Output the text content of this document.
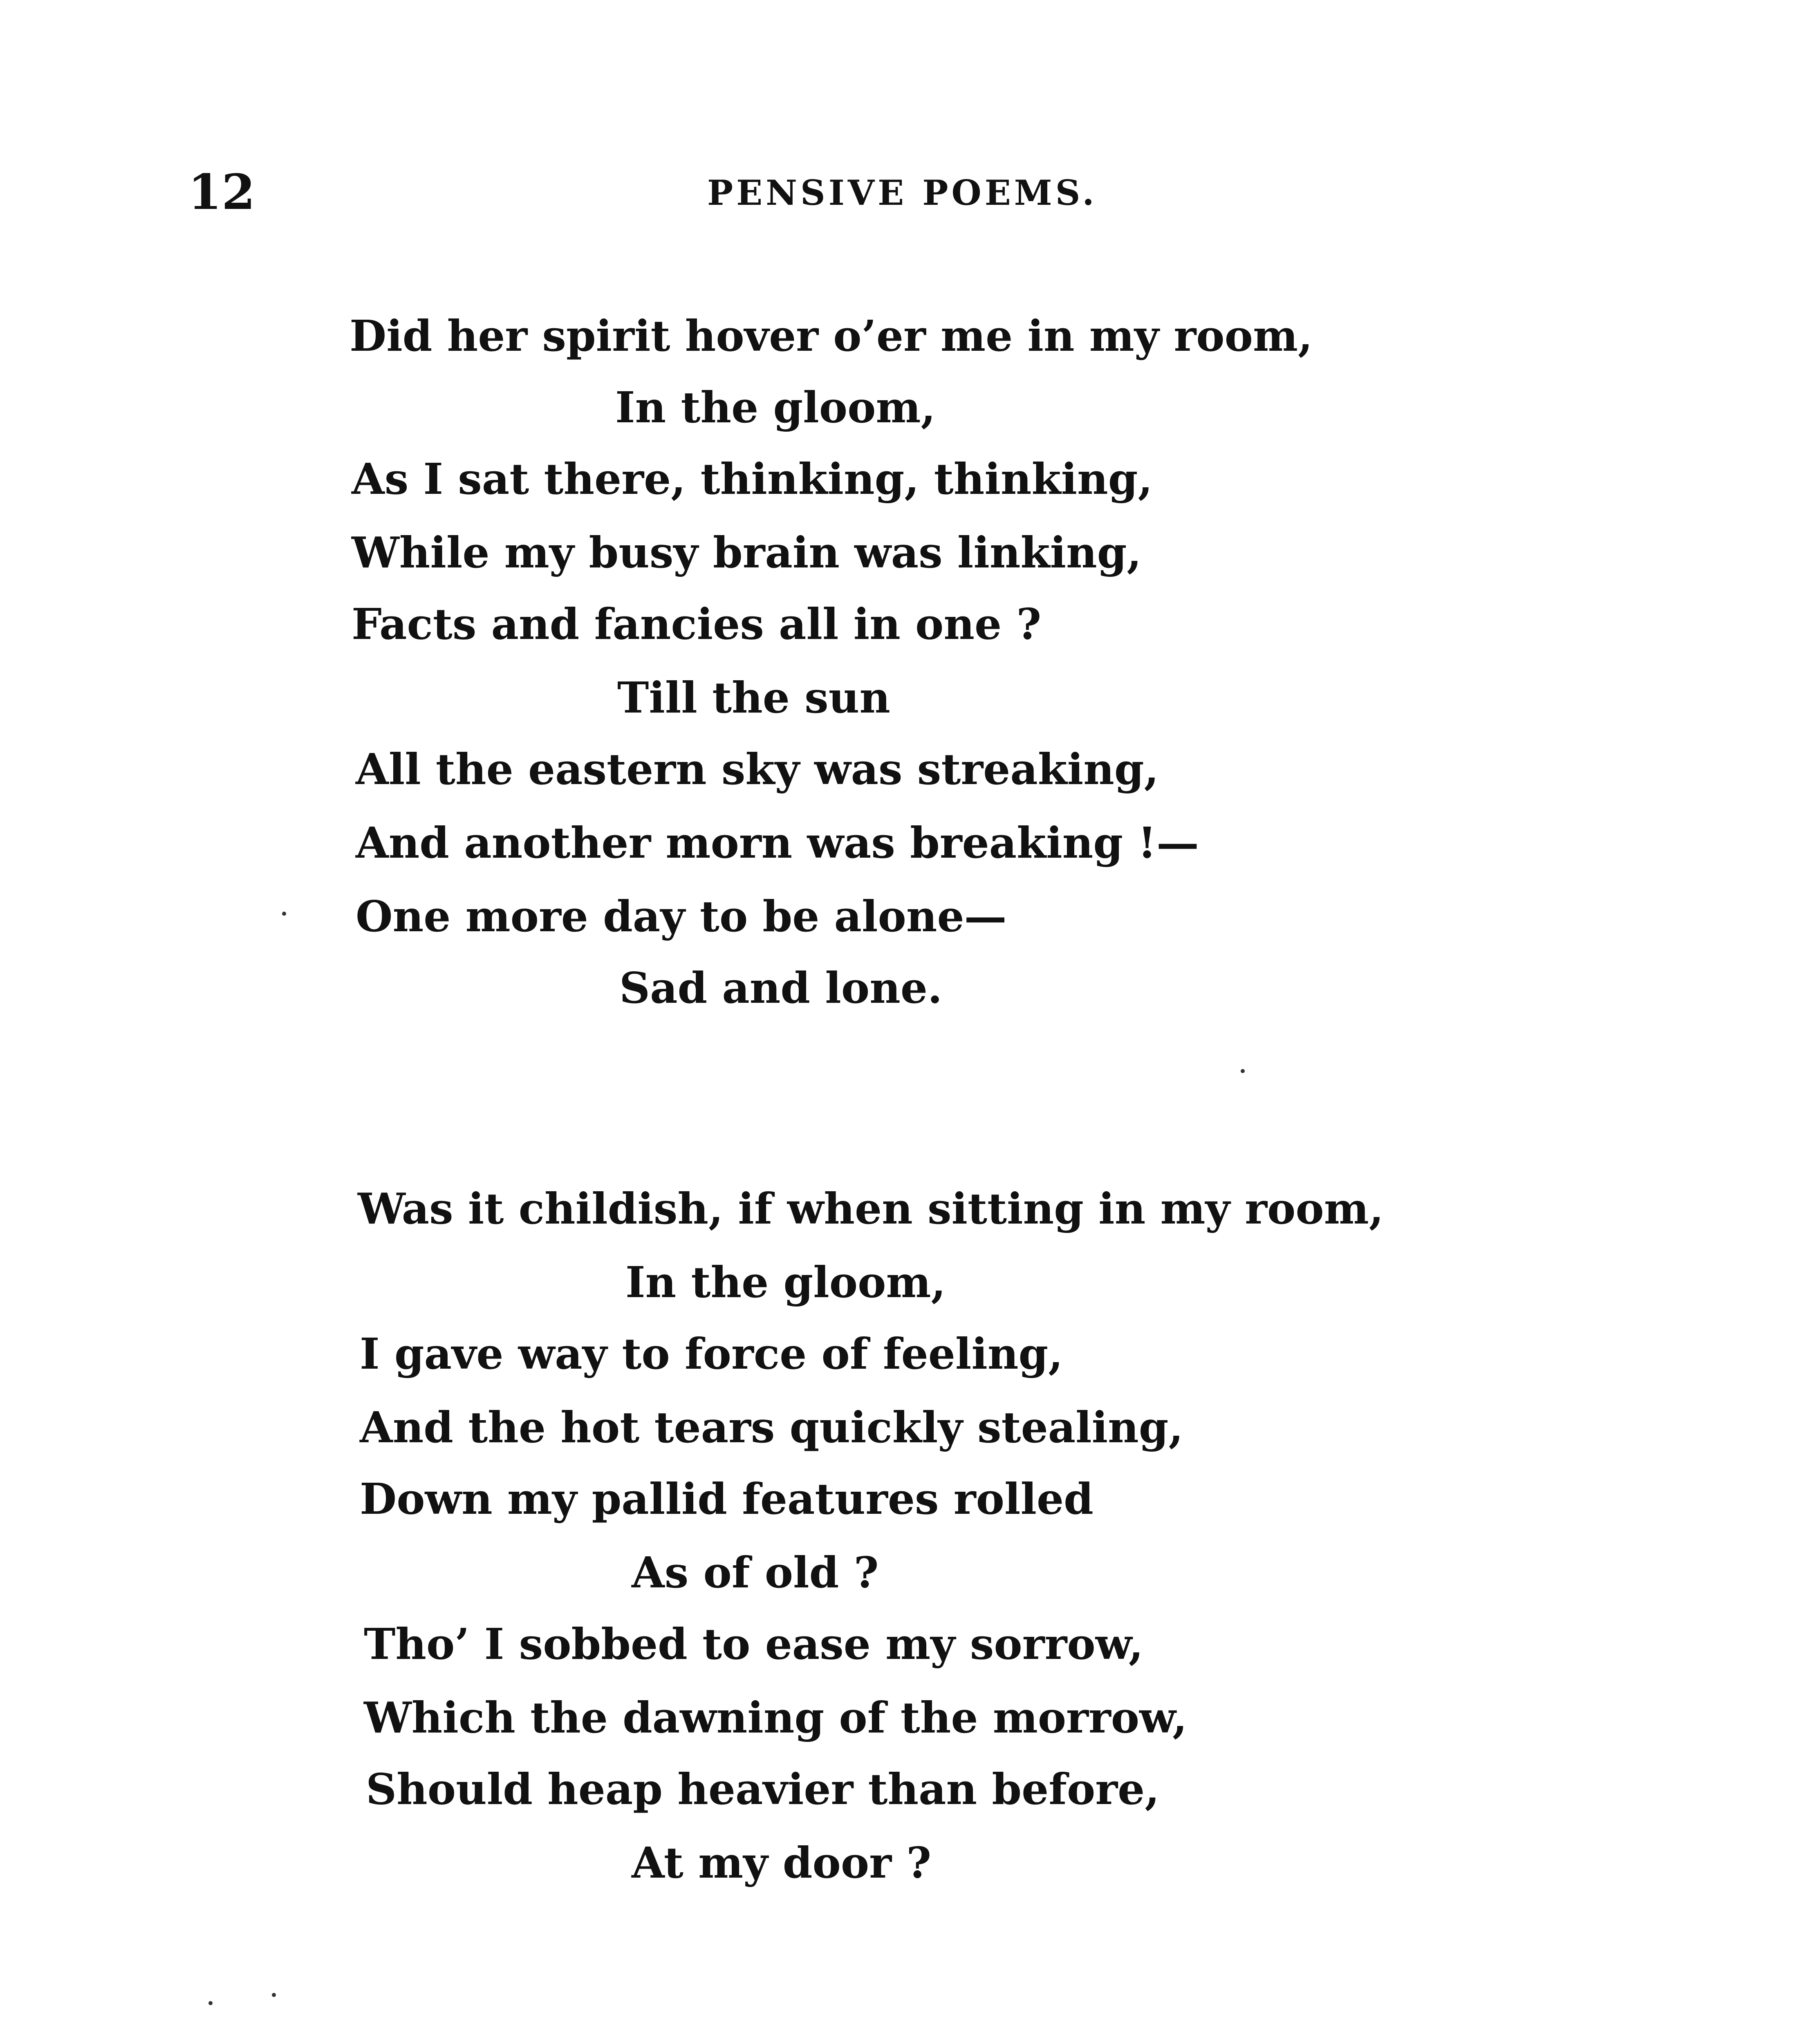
12	PENSIVE POEMS.
Did her spirit hover o’er me in my room,
In the gloom,
As I sat there, thinking, thinking,
While my busy brain was linking,
Facts and fancies all in one ?
Till the sun
All the eastern sky was streaking,
And another morn was breaking !—
One more day to be alone—
Sad and lone.
Was it childish, if when sitting in my room,
In the gloom,
I gave way to force of feeling,
And the hot tears quickly stealing,
Down my pallid features rolled
As of old ?
Tho’ I sobbed to ease my sorrow,
Which the dawning of the morrow,
Should heap heavier than before,
At my door ?
